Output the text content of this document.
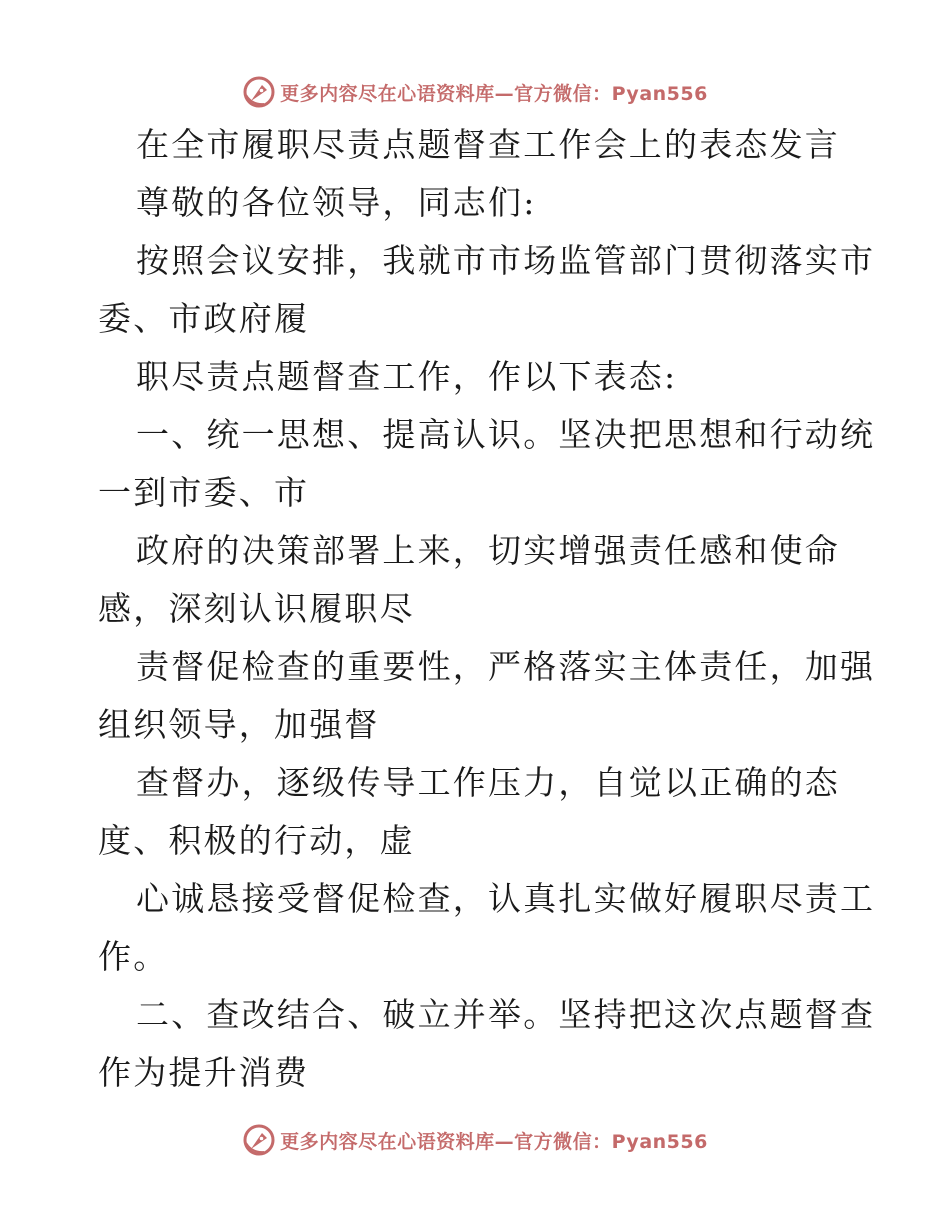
更多内容尽在心语资料库—官方微信：Pyan556

在全市履职尽责点题督查工作会上的表态发言

尊敬的各位领导，同志们:

按照会议安排，我就市市场监管部门贯彻落实市

委、市政府履

职尽责点题督查工作，作以下表态:

一、统一思想、提高认识。坚决把思想和行动统

一到市委、市

政府的决策部署上来，切实增强责任感和使命

感，深刻认识履职尽

责督促检查的重要性，严格落实主体责任，加强

组织领导，加强督

查督办，逐级传导工作压力，自觉以正确的态

度、积极的行动，虚

心诚恳接受督促检查，认真扎实做好履职尽责工

作。

二、查改结合、破立并举。坚持把这次点题督查

作为提升消费

更多内容尽在心语资料库—官方微信：Pyan556
